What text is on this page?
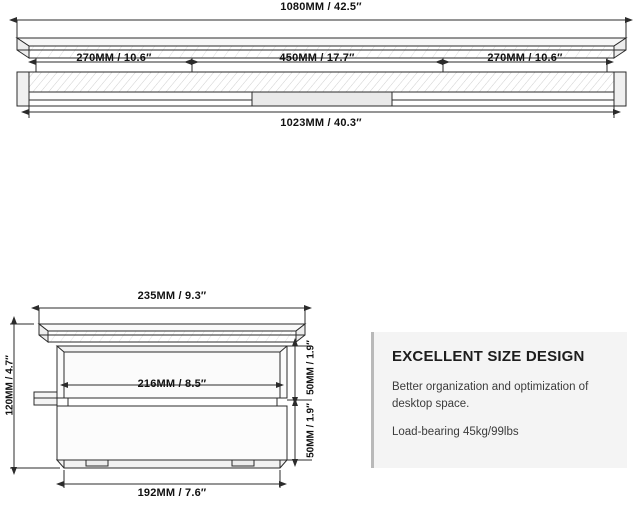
1080MM / 42.5″
270MM / 10.6″	450MM / 17.7″	270MM / 10.6″
1023MM / 40.3″
235MM / 9.3″
216MM / 8.5″
192MM / 7.6″
120MM / 4.7″	50MM / 1.9″
50MM / 1.9″
EXCELLENT SIZE DESIGN
Better organization and optimization of
desktop space.
Load-bearing 45kg/99lbs
